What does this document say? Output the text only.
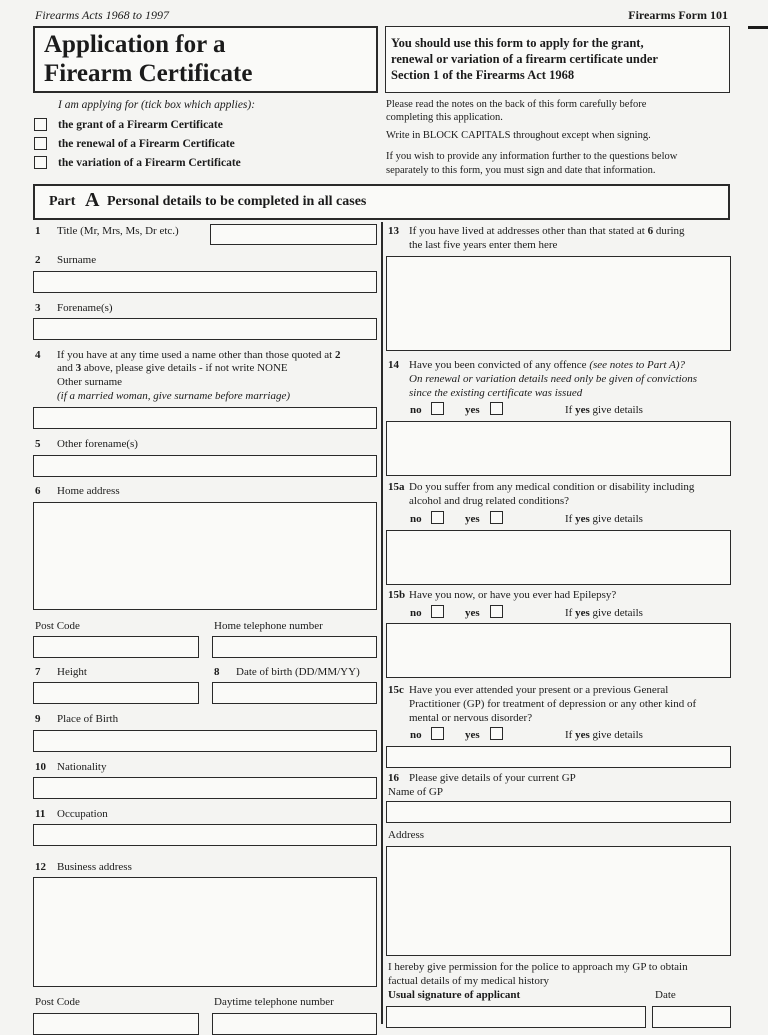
Firearms Acts 1968 to 1997	Firearms Form 101
Application for a
Firearm Certificate
You should use this form to apply for the grant,
renewal or variation of a firearm certificate under
Section 1 of the Firearms Act 1968
I am applying for (tick box which applies):
the grant of a Firearm Certificate
the renewal of a Firearm Certificate
the variation of a Firearm Certificate
Please read the notes on the back of this form carefully before
completing this application.
Write in BLOCK CAPITALS throughout except when signing.
If you wish to provide any information further to the questions below
separately to this form, you must sign and date that information.
Part A Personal details to be completed in all cases
1 Title (Mr, Mrs, Ms, Dr etc.)
2 Surname
3 Forename(s)
4 If you have at any time used a name other than those quoted at 2
and 3 above, please give details - if not write NONE
Other surname
(if a married woman, give surname before marriage)
5 Other forename(s)
6 Home address
Post Code	Home telephone number
7 Height	8 Date of birth (DD/MM/YY)
9 Place of Birth
10 Nationality
11 Occupation
12 Business address
Post Code	Daytime telephone number
13 If you have lived at addresses other than that stated at 6 during
the last five years enter them here
14 Have you been convicted of any offence (see notes to Part A)?
On renewal or variation details need only be given of convictions
since the existing certificate was issued
no	yes	If yes give details
15a Do you suffer from any medical condition or disability including
alcohol and drug related conditions?
no	yes	If yes give details
15b Have you now, or have you ever had Epilepsy?
no	yes	If yes give details
15c Have you ever attended your present or a previous General
Practitioner (GP) for treatment of depression or any other kind of
mental or nervous disorder?
no	yes	If yes give details
16 Please give details of your current GP
Name of GP
Address
I hereby give permission for the police to approach my GP to obtain
factual details of my medical history
Usual signature of applicant	Date
